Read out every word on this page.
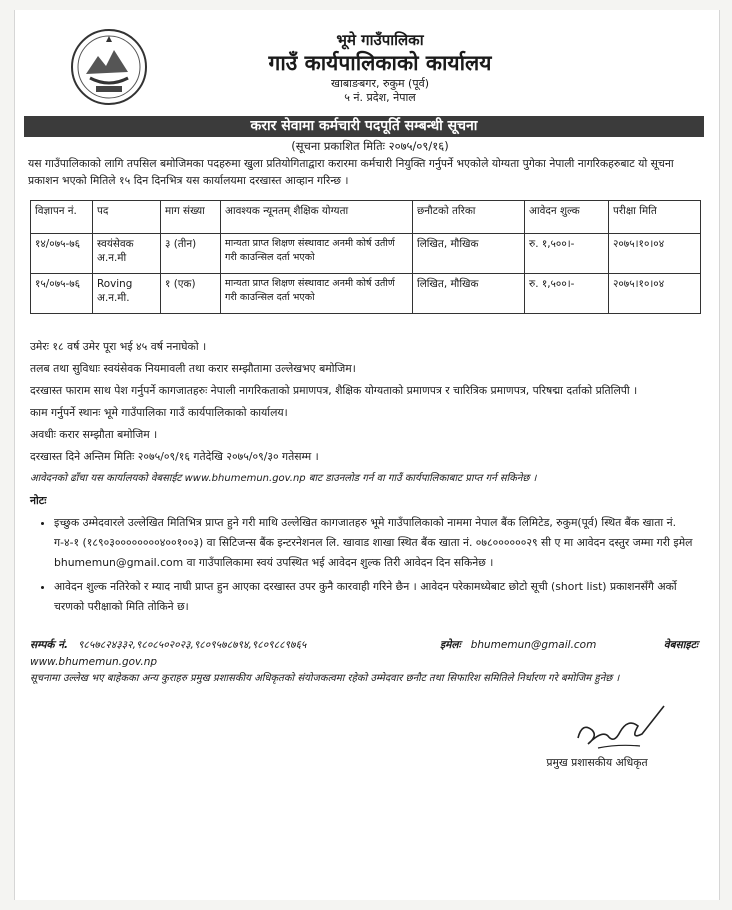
भूमे गाउँपालिका
गाउँ कार्यपालिकाको कार्यालय
खाबाङबगर, रुकुम (पूर्व)
५ नं. प्रदेश, नेपाल
करार सेवामा कर्मचारी पदपूर्ति सम्बन्धी सूचना
(सूचना प्रकाशित मितिः २०७५/०९/१६)
यस गाउँपालिकाको लागि तपसिल बमोजिमका पदहरुमा खुला प्रतियोगिताद्वारा करारमा कर्मचारी नियुक्ति गर्नुपर्ने भएकोले योग्यता पुगेका नेपाली नागरिकहरुबाट यो सूचना प्रकाशन भएको मितिले १५ दिन दिनभित्र यस कार्यालयमा दरखास्त आव्हान गरिन्छ ।
विज्ञापन नं.	पद	माग संख्या	आवश्यक न्यूनतम् शैक्षिक योग्यता	छनौटको तरिका	आवेदन शुल्क	परीक्षा मिति
१४/०७५-७६	स्वयंसेवक अ.न.मी	३ (तीन)	मान्यता प्राप्त शिक्षण संस्थावाट अनमी कोर्ष उतीर्ण गरी काउन्सिल दर्ता भएको	लिखित, मौखिक	रु. १,५००।-	२०७५।१०।०४
१५/०७५-७६	Roving अ.न.मी.	१ (एक)	मान्यता प्राप्त शिक्षण संस्थावाट अनमी कोर्ष उतीर्ण गरी काउन्सिल दर्ता भएको	लिखित, मौखिक	रु. १,५००।-	२०७५।१०।०४

उमेरः १८ वर्ष उमेर पूरा भई ४५ वर्ष ननाघेको ।

तलब तथा सुविधाः स्वयंसेवक नियमावली तथा करार सम्झौतामा उल्लेखभए बमोजिम।

दरखास्त फाराम साथ पेश गर्नुपर्ने कागजातहरुः नेपाली नागरिकताको प्रमाणपत्र, शैक्षिक योग्यताको प्रमाणपत्र र चारित्रिक प्रमाणपत्र, परिषद्मा दर्ताको प्रतिलिपी ।

काम गर्नुपर्ने स्थानः भूमे गाउँपालिका गाउँ कार्यपालिकाको कार्यालय।

अवधीः करार सम्झौता बमोजिम ।

दरखास्त दिने अन्तिम मितिः २०७५/०९/१६ गतेदेखि २०७५/०९/३० गतेसम्म ।

आवेदनको ढाँचा यस कार्यालयको वेबसाईट www.bhumemun.gov.np बाट डाउनलोड गर्न वा गाउँ कार्यपालिकाबाट प्राप्त गर्न सकिनेछ ।

नोटः
• इच्छुक उम्मेदवारले उल्लेखित मितिभित्र प्राप्त हुने गरी माथि उल्लेखित कागजातहरु भूमे गाउँपालिकाको नाममा नेपाल बैंक लिमिटेड, रुकुम(पूर्व) स्थित बैंक खाता नं. ग-४-१ (१८९०३००००००००४००१००३) वा सिटिजन्स बैंक इन्टरनेशनल लि. खावाड शाखा स्थित बैंक खाता नं. ०७८००००००२९ सी ए मा आवेदन दस्तुर जम्मा गरी इमेल bhumemun@gmail.com वा गाउँपालिकामा स्वयं उपस्थित भई आवेदन शुल्क तिरी आवेदन दिन सकिनेछ ।
• आवेदन शुल्क नतिरेको र म्याद नाघी प्राप्त हुन आएका दरखास्त उपर कुनै कारवाही गरिने छैन । आवेदन परेकामध्येबाट छोटो सूची (short list) प्रकाशनसँगै अर्को चरणको परीक्षाको मिति तोकिने छ।
सम्पर्क नं. ९८५७८२४३३२,९८०८५०२०२३,९८०९५७८७९४,९८०९८८९७६५	इमेलः bhumemun@gmail.com	वेबसाइटः
www.bhumemun.gov.np
सूचनामा उल्लेख भए बाहेकका अन्य कुराहरु प्रमुख प्रशासकीय अधिकृतको संयोजकत्वमा रहेको उम्मेदवार छनौट तथा सिफारिश समितिले निर्धारण गरे बमोजिम हुनेछ ।
प्रमुख प्रशासकीय अधिकृत
